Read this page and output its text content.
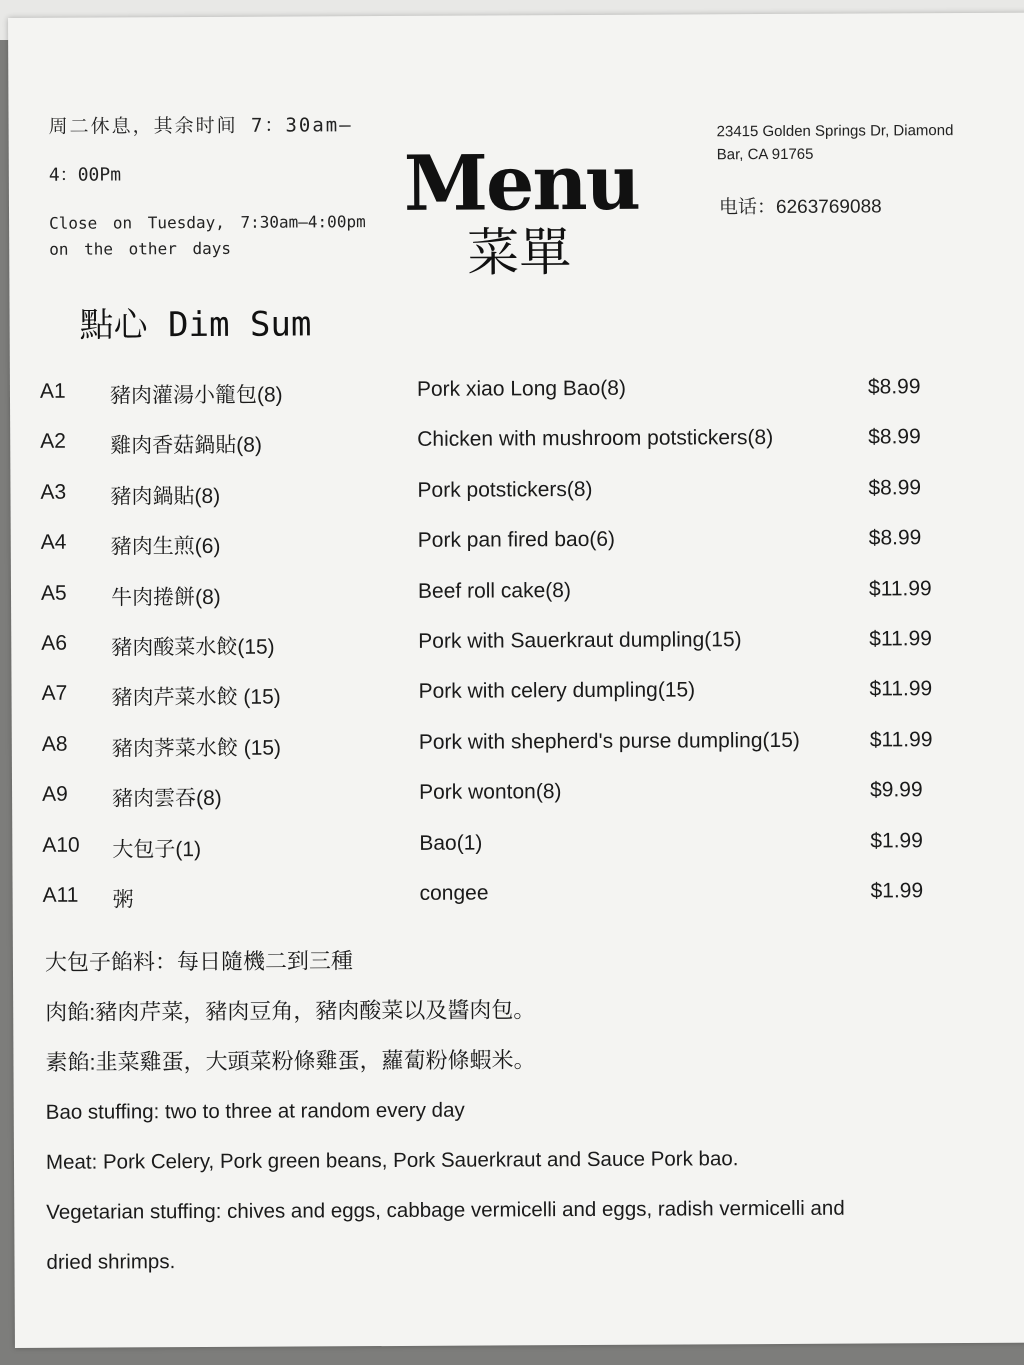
周二休息，其余时间 7：30am—
4：00Pm
Close on Tuesday, 7:30am—4:00pm
on the other days
Menu
菜單
23415 Golden Springs Dr, Diamond
Bar, CA 91765
电话：6263769088
點心 Dim Sum
A1 豬肉灌湯小籠包(8)	Pork xiao Long Bao(8)	$8.99
A2 雞肉香菇鍋貼(8)	Chicken with mushroom potstickers(8)	$8.99
A3 豬肉鍋貼(8)	Pork potstickers(8)	$8.99
A4 豬肉生煎(6)	Pork pan fired bao(6)	$8.99
A5 牛肉捲餅(8)	Beef roll cake(8)	$11.99
A6 豬肉酸菜水餃(15)	Pork with Sauerkraut dumpling(15)	$11.99
A7 豬肉芹菜水餃 (15)	Pork with celery dumpling(15)	$11.99
A8 豬肉荠菜水餃 (15)	Pork with shepherd's purse dumpling(15)	$11.99
A9 豬肉雲吞(8)	Pork wonton(8)	$9.99
A10 大包子(1)	Bao(1)	$1.99
A11 粥	congee	$1.99
大包子餡料：每日隨機二到三種
肉餡:豬肉芹菜，豬肉豆角，豬肉酸菜以及醬肉包。
素餡:韭菜雞蛋，大頭菜粉條雞蛋，蘿蔔粉條蝦米。
Bao stuffing: two to three at random every day
Meat: Pork Celery, Pork green beans, Pork Sauerkraut and Sauce Pork bao.
Vegetarian stuffing: chives and eggs, cabbage vermicelli and eggs, radish vermicelli and
dried shrimps.
